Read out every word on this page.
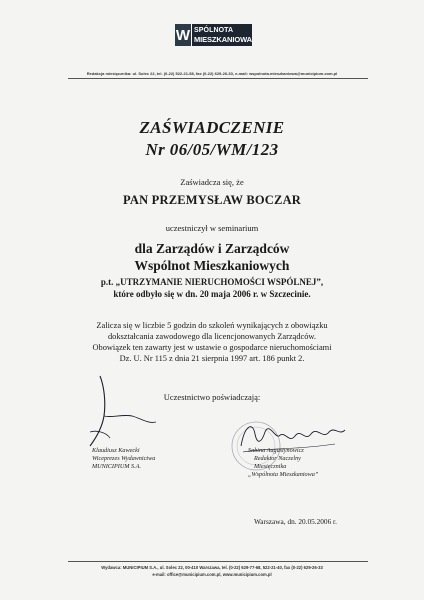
W SPÓLNOTA
MIESZKANIOWA
Redakcja miesięcznika: ul. Solec 22, tel. (0-22) 522-21-58, fax (0-22) 629-26-33, e-mail: wspolnota.mieszkaniowa@municipium.com.pl
ZAŚWIADCZENIE
Nr 06/05/WM/123
Zaświadcza się, że
PAN PRZEMYSŁAW BOCZAR
uczestniczył w seminarium
dla Zarządów i Zarządców
Wspólnot Mieszkaniowych
p.t. „UTRZYMANIE NIERUCHOMOŚCI WSPÓLNEJ”,
które odbyło się w dn. 20 maja 2006 r. w Szczecinie.
Zalicza się w liczbie 5 godzin do szkoleń wynikających z obowiązku
dokształcania zawodowego dla licencjonowanych Zarządców.
Obowiązek ten zawarty jest w ustawie o gospodarce nieruchomościami
Dz. U. Nr 115 z dnia 21 sierpnia 1997 art. 186 punkt 2.
Uczestnictwo poświadczają:
Klaudiusz Kawecki
Wiceprezes Wydawnictwa
MUNICIPIUM S.A.
Sabina Augustynowicz
Redaktor Naczelny
Miesięcznika
„Wspólnota Mieszkaniowa”
Warszawa, dn. 20.05.2006 r.
Wydawca: MUNICIPIUM S.A., ul. Solec 22, 00-410 Warszawa, tel. (0-22) 629-77-68, 522-21-40, fax (0-22) 629-26-33
e-mail: office@municipium.com.pl, www.municipium.com.pl
